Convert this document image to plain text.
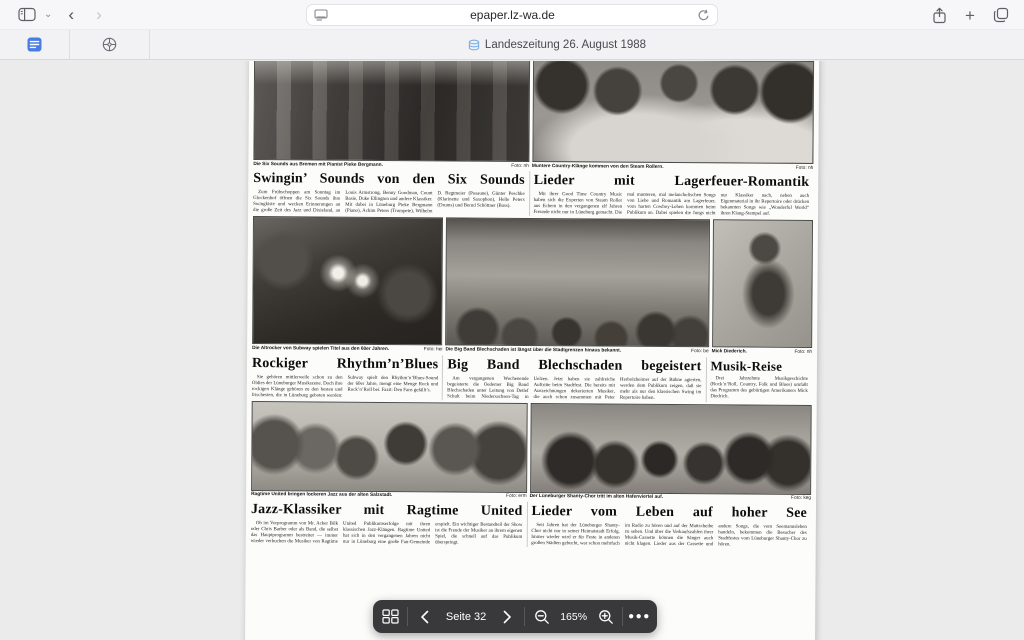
⌄ ‹	›	epaper.lz-wa.de	+
Landeszeitung 26. August 1988
Die Six Sounds aus Bremen mit Pianist Pieke Bergmann.	Foto: nh Muntere Country-Klänge kommen von den Steam Rollern.	Foto: nh
Swingin’ Sounds von den Six Sounds

Zum Frühschoppen am Sonntag im Glockenhof öffnen die Six Sounds ihre Swingkiste und wecken Erinnerungen an die große Zeit des Jazz und Dixieland, an Louis Armstrong, Benny Goodman, Count Basie, Duke Ellington und andere Klassiker. Mit dabei in Lüneburg Pieke Bergmann (Piano), Achim Peters (Trompete), Wilhelm D. Regtmeier (Posaune), Günter Peschke (Klarinette und Saxophon), Helle Peters (Drums) und Bernd Schöttner (Bass).

Lieder mit Lagerfeuer-Romantik

Mit ihrer Good Time Country Music haben sich die Experten von Steam Roller aus Echem in den vergangenen elf Jahren Freunde nicht nur in Lüneburg gemacht. Die mal munteren, mal melancholischen Songs von Liebe und Romantik am Lagerfeuer, vom harten Cowboy-Leben kommen beim Publikum an. Dabei spielen die Jungs nicht nur Klassiker nach, neben auch Eigenmaterial in ihr Repertoire oder drücken bekannten Songs wie „Wonderful World“ ihren Klang-Stempel auf.

Die Altrocker von Subway spielen Titel aus den 60er Jahren.	Foto: hei Die Big Band Blechschaden ist längst über die Stadtgrenzen hinaus bekannt.	Foto: be Mick Diederich.	Foto: nh
Rockiger Rhythm’n’Blues

Sie gehören mittlerweile schon zu den Oldies der Lüneburger Musikszene. Doch ihre rockigen Klänge gehören zu den besten und frischesten, die in Lüneburg geboten werden: Subway spielt den Rhythm’n’Blues-Sound der 60er Jahre, mengt eine Menge Rock und Rock’n’Roll bei. Fazit: Den Fans gefällt’s.

Big Band Blechschaden begeistert

Am vergangenen Wochenende begeisterte die Oedemer Big Band Blechschaden unter Leitung von Detlef Schult beim Niedersachsen-Tag in Uelzen. Jetzt haben sie zahlreiche Auftritte beim Stadtfest. Die bereits mit Auszeichnungen dekorierten Musiker, die auch schon zusammen mit Peter Herbolzheimer auf der Bühne agierten, werden dem Publikum zeigen, daß sie mehr als nur den klassischen Swing im Repertoire haben.

Musik-Reise

Drei Jahrzehnte Musikgeschichte (Rock’n’Roll, Country, Folk und Blues) umfaßt das Programm des gebürtigen Amerikaners Mick Diedrich.

Ragtime United bringen lockeren Jazz aus der alten Salzstadt.	Foto: erm Der Lüneburger Shanty-Chor tritt im alten Hafenviertel auf.	Foto: keg
Jazz-Klassiker mit Ragtime United

Ob im Vorprogramm von Mr. Acker Bilk oder Chris Barber oder als Band, die selbst das Hauptprogramm bestreitet — immer wieder verbuchen die Musiker von Ragtime United Publikumserfolge mit ihren klassischen Jazz-Klängen. Ragtime United hat sich in den vergangenen Jahren nicht nur in Lüneburg eine große Fan-Gemeinde erspielt. Ein wichtiger Bestandteil der Show ist die Freude der Musiker an ihrem eigenen Spiel, die schnell auf das Publikum überspringt.

Lieder vom Leben auf hoher See

Seit Jahren hat der Lüneburger Shanty-Chor nicht nur in seiner Heimatstadt Erfolg. Immer wieder wird er für Feste in anderen großen Städten gebucht, war schon mehrfach im Radio zu hören und auf der Mattscheibe zu sehen. Und über die Verkaufszahlen ihrer Musik-Cassette können die Sänger auch nicht klagen. Lieder aus der Cassette und andere Songs, die vom Seemannsleben handeln, bekommen die Besucher des Stadtfestes vom Lüneburger Shanty-Chor zu hören.

Seite 32	165%	●●●
